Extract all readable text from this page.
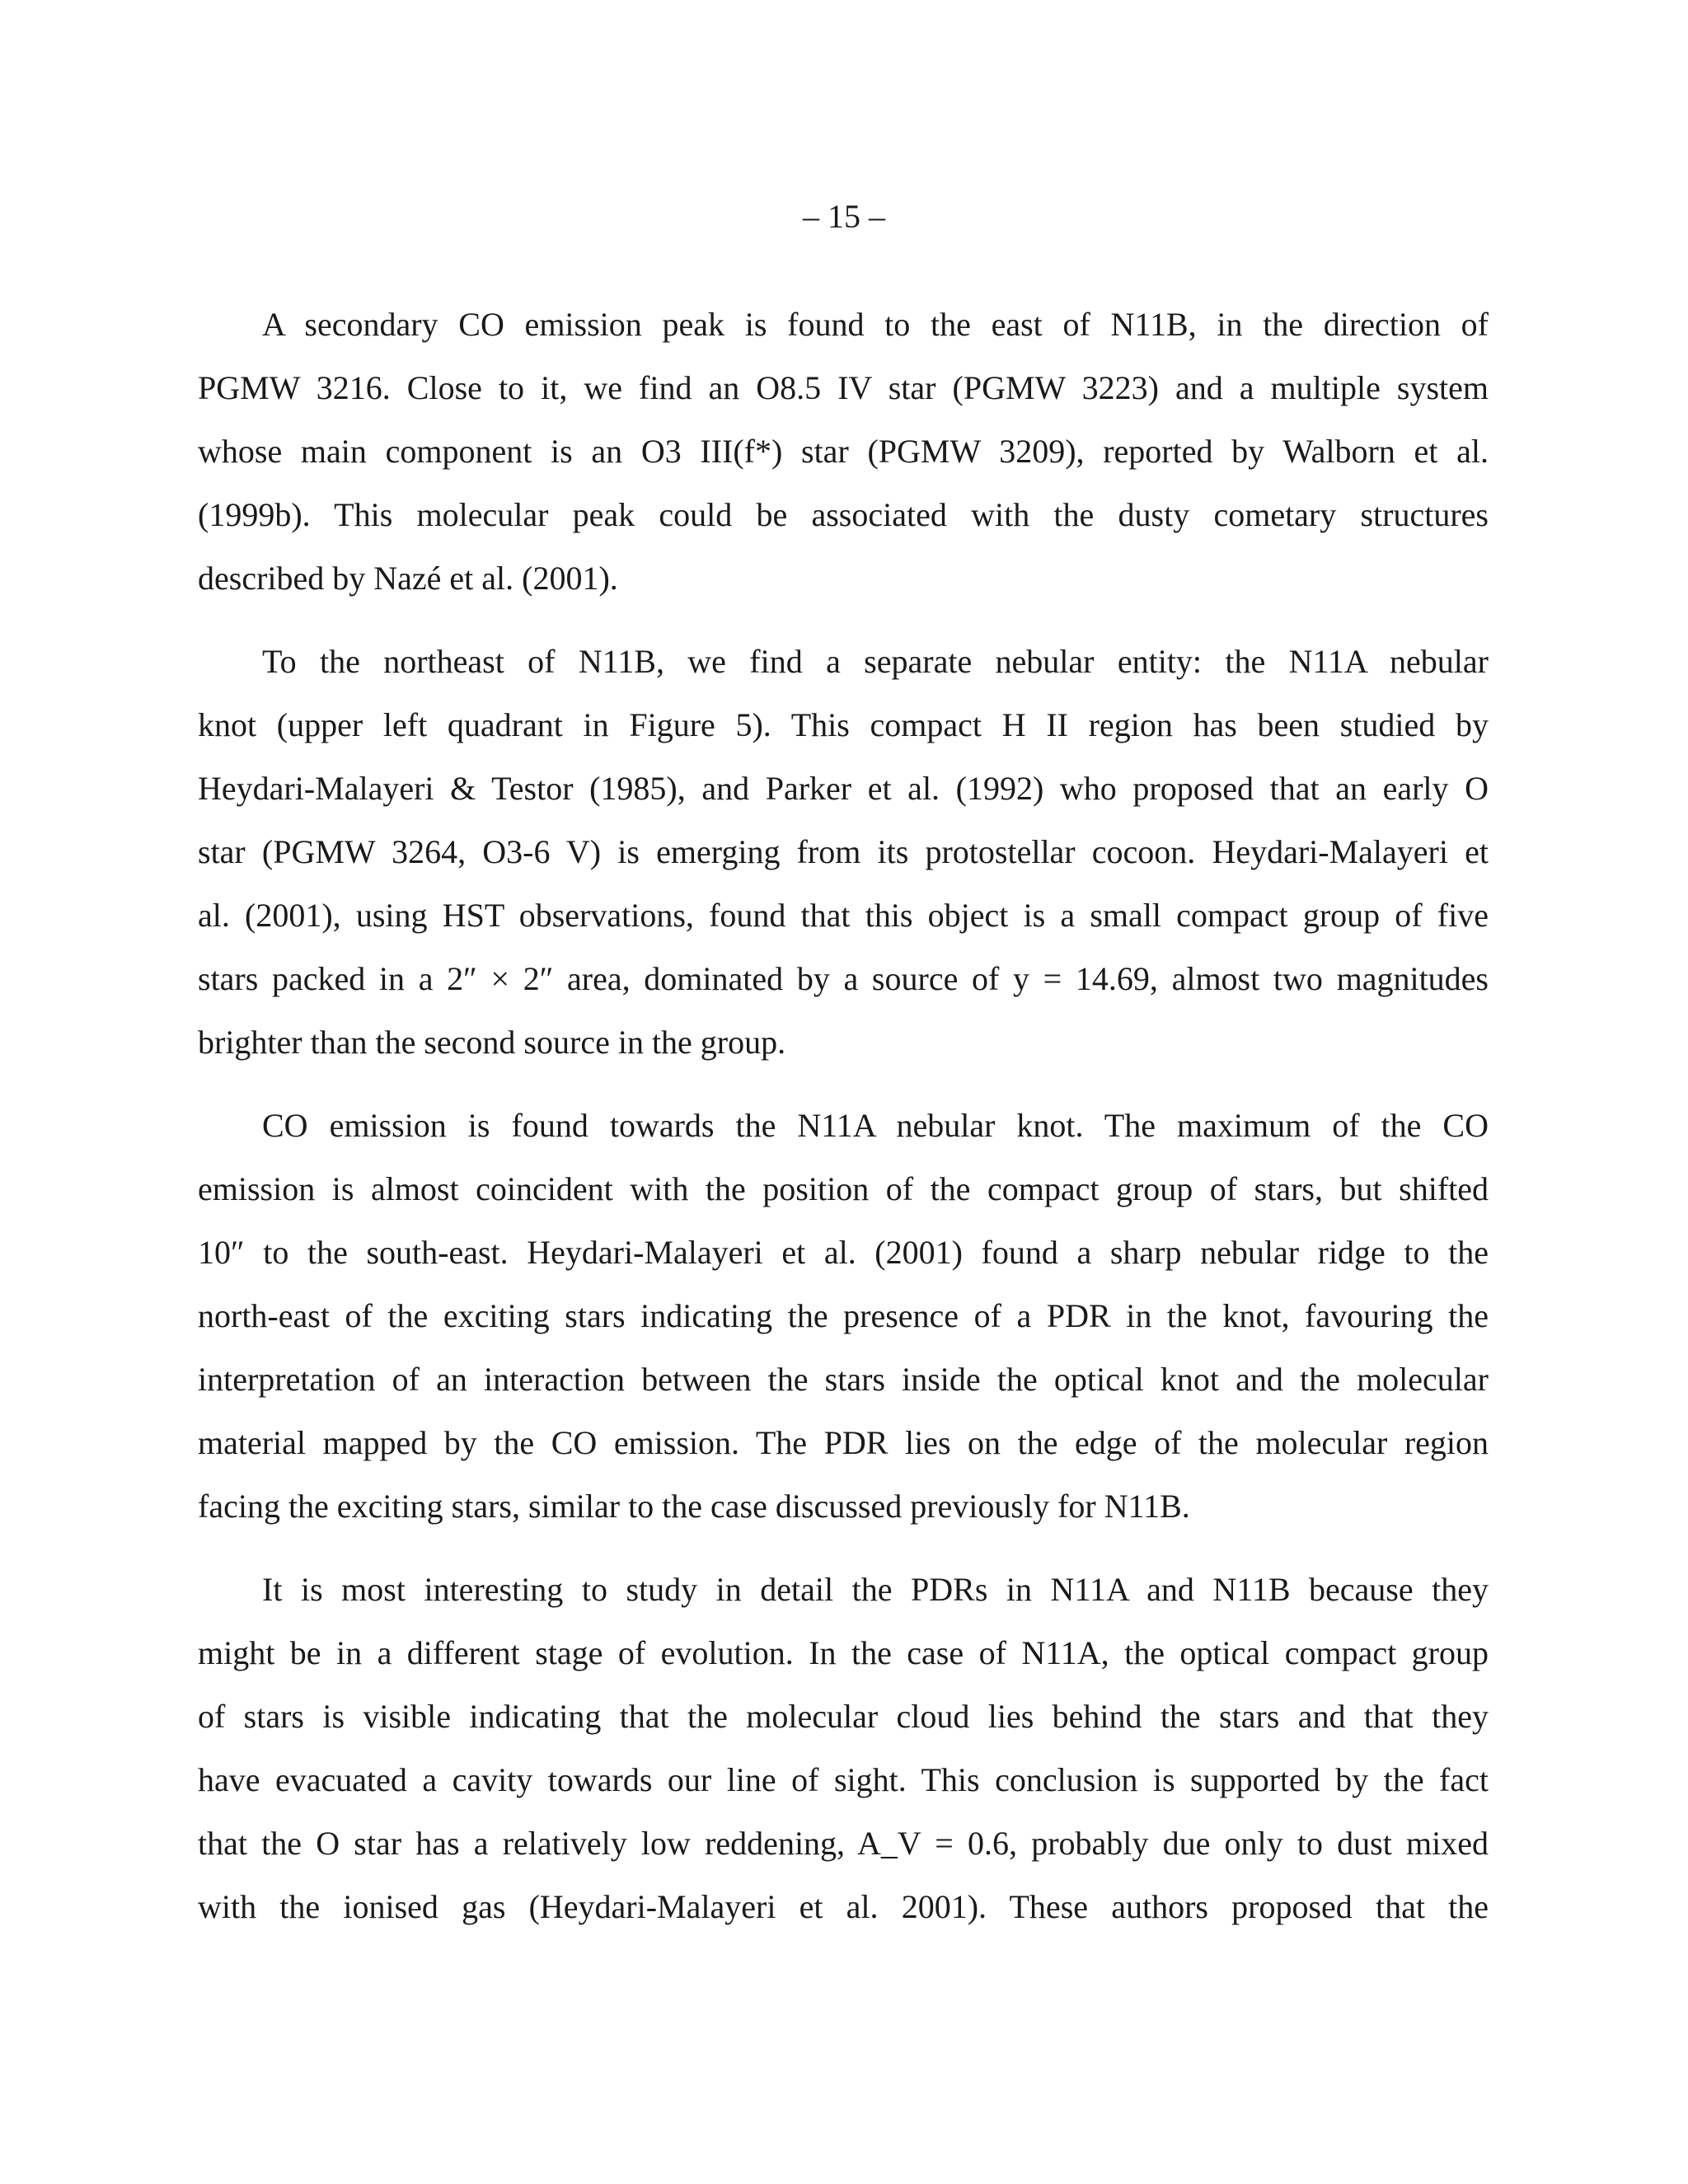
– 15 –

A secondary CO emission peak is found to the east of N11B, in the direction of
PGMW 3216. Close to it, we find an O8.5 IV star (PGMW 3223) and a multiple system
whose main component is an O3 III(f*) star (PGMW 3209), reported by Walborn et al.
(1999b). This molecular peak could be associated with the dusty cometary structures
described by Nazé et al. (2001).

To the northeast of N11B, we find a separate nebular entity: the N11A nebular
knot (upper left quadrant in Figure 5). This compact H II region has been studied by
Heydari-Malayeri & Testor (1985), and Parker et al. (1992) who proposed that an early O
star (PGMW 3264, O3-6 V) is emerging from its protostellar cocoon. Heydari-Malayeri et
al. (2001), using HST observations, found that this object is a small compact group of five
stars packed in a 2″ × 2″ area, dominated by a source of y = 14.69, almost two magnitudes
brighter than the second source in the group.

CO emission is found towards the N11A nebular knot. The maximum of the CO
emission is almost coincident with the position of the compact group of stars, but shifted
10″ to the south-east. Heydari-Malayeri et al. (2001) found a sharp nebular ridge to the
north-east of the exciting stars indicating the presence of a PDR in the knot, favouring the
interpretation of an interaction between the stars inside the optical knot and the molecular
material mapped by the CO emission. The PDR lies on the edge of the molecular region
facing the exciting stars, similar to the case discussed previously for N11B.

It is most interesting to study in detail the PDRs in N11A and N11B because they
might be in a different stage of evolution. In the case of N11A, the optical compact group
of stars is visible indicating that the molecular cloud lies behind the stars and that they
have evacuated a cavity towards our line of sight. This conclusion is supported by the fact
that the O star has a relatively low reddening, A_V = 0.6, probably due only to dust mixed
with the ionised gas (Heydari-Malayeri et al. 2001). These authors proposed that the
